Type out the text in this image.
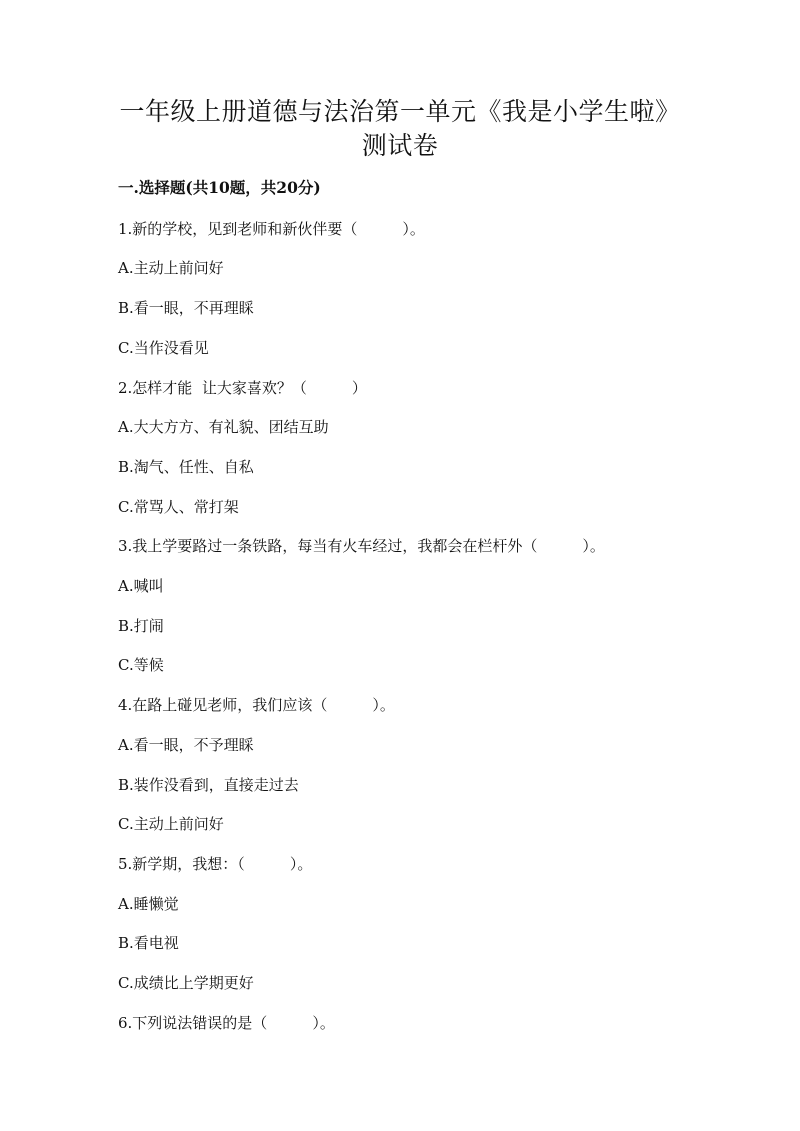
一年级上册道德与法治第一单元《我是小学生啦》
测试卷
一.选择题(共10题，共20分)
1.新的学校，见到老师和新伙伴要（　　　）。
A.主动上前问好
B.看一眼，不再理睬
C.当作没看见
2.怎样才能  让大家喜欢？（　　　）
A.大大方方、有礼貌、团结互助
B.淘气、任性、自私
C.常骂人、常打架
3.我上学要路过一条铁路，每当有火车经过，我都会在栏杆外（　　　）。
A.喊叫
B.打闹
C.等候
4.在路上碰见老师，我们应该（　　　）。
A.看一眼，不予理睬
B.装作没看到，直接走过去
C.主动上前问好
5.新学期，我想：（　　　）。
A.睡懒觉
B.看电视
C.成绩比上学期更好
6.下列说法错误的是（　　　）。
